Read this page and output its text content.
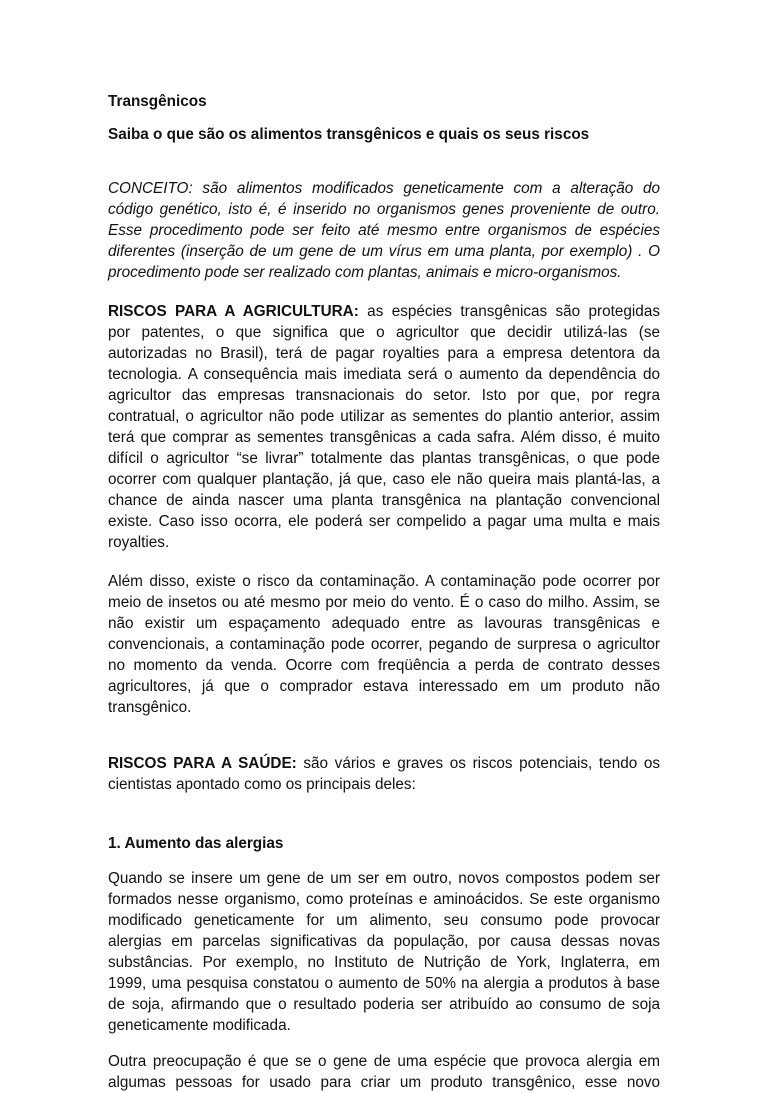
Transgênicos

Saiba o que são os alimentos transgênicos e quais os seus riscos

CONCEITO: são alimentos modificados geneticamente com a alteração do
código genético, isto é, é inserido no organismos genes proveniente de outro.
Esse procedimento pode ser feito até mesmo entre organismos de espécies
diferentes (inserção de um gene de um vírus em uma planta, por exemplo) . O
procedimento pode ser realizado com plantas, animais e micro-organismos.

RISCOS PARA A AGRICULTURA: as espécies transgênicas são protegidas
por patentes, o que significa que o agricultor que decidir utilizá-las (se
autorizadas no Brasil), terá de pagar royalties para a empresa detentora da
tecnologia. A consequência mais imediata será o aumento da dependência do
agricultor das empresas transnacionais do setor. Isto por que, por regra
contratual, o agricultor não pode utilizar as sementes do plantio anterior, assim
terá que comprar as sementes transgênicas a cada safra. Além disso, é muito
difícil o agricultor “se livrar” totalmente das plantas transgênicas, o que pode
ocorrer com qualquer plantação, já que, caso ele não queira mais plantá-las, a
chance de ainda nascer uma planta transgênica na plantação convencional
existe. Caso isso ocorra, ele poderá ser compelido a pagar uma multa e mais
royalties.

Além disso, existe o risco da contaminação. A contaminação pode ocorrer por
meio de insetos ou até mesmo por meio do vento. É o caso do milho. Assim, se
não existir um espaçamento adequado entre as lavouras transgênicas e
convencionais, a contaminação pode ocorrer, pegando de surpresa o agricultor
no momento da venda. Ocorre com freqüência a perda de contrato desses
agricultores, já que o comprador estava interessado em um produto não
transgênico.

RISCOS PARA A SAÚDE: são vários e graves os riscos potenciais, tendo os
cientistas apontado como os principais deles:

1. Aumento das alergias

Quando se insere um gene de um ser em outro, novos compostos podem ser
formados nesse organismo, como proteínas e aminoácidos. Se este organismo
modificado geneticamente for um alimento, seu consumo pode provocar
alergias em parcelas significativas da população, por causa dessas novas
substâncias. Por exemplo, no Instituto de Nutrição de York, Inglaterra, em
1999, uma pesquisa constatou o aumento de 50% na alergia a produtos à base
de soja, afirmando que o resultado poderia ser atribuído ao consumo de soja
geneticamente modificada.

Outra preocupação é que se o gene de uma espécie que provoca alergia em
algumas pessoas for usado para criar um produto transgênico, esse novo
